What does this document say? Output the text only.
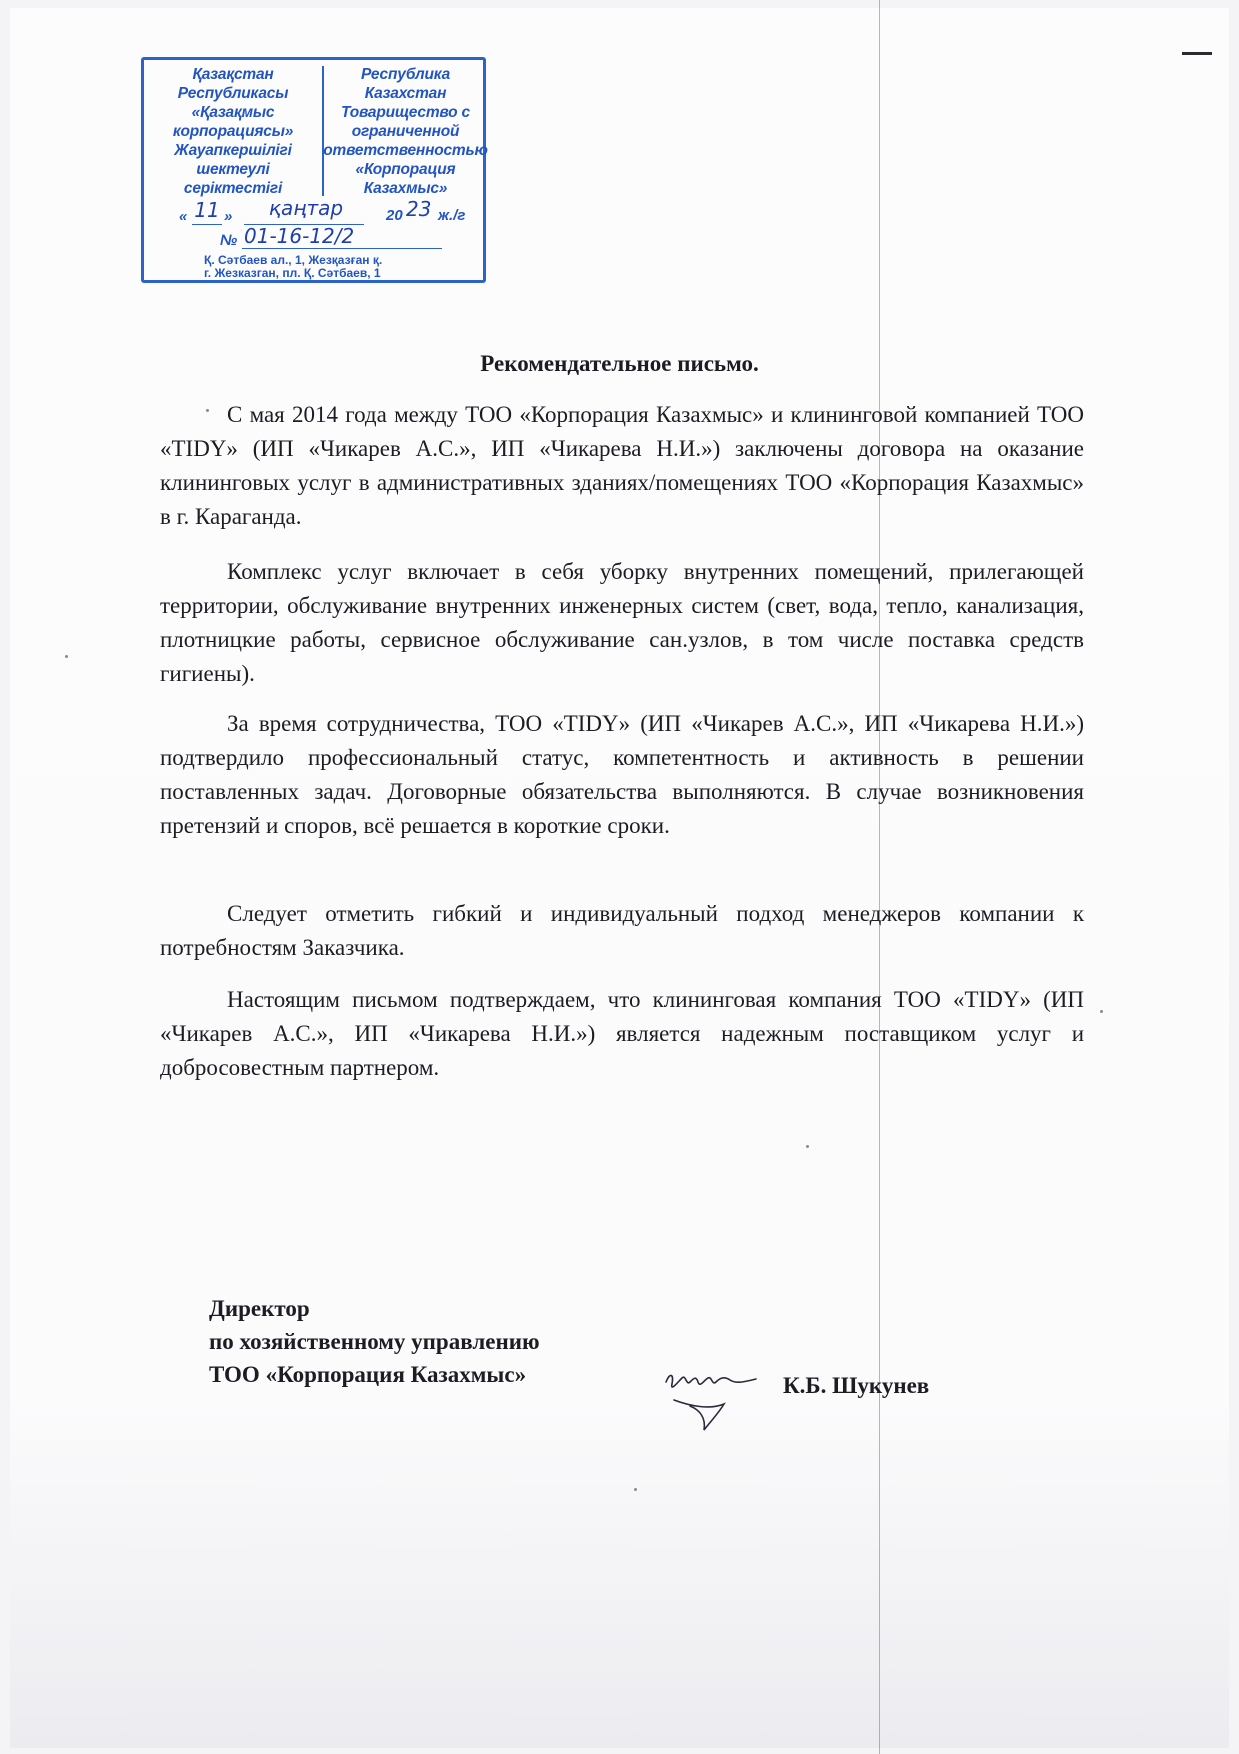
Қазақстан
Республикасы
«Қазақмыс
корпорациясы»
Жауапкершілігі
шектеулі
серіктестігі
Республика
Казахстан
Товарищество с
ограниченной
ответственностью
«Корпорация
Казахмыс»
« 11 »	қаңтар	20 23 ж./г
№ 01-16-12/2
Қ. Сәтбаев ал., 1, Жезқазған қ.
г. Жезказган, пл. Қ. Сәтбаев, 1
Рекомендательное письмо.

С мая 2014 года между ТОО «Корпорация Казахмыс» и клининговой компанией ТОО «TIDY» (ИП «Чикарев А.С.», ИП «Чикарева Н.И.») заключены договора на оказание клининговых услуг в административных зданиях/помещениях ТОО «Корпорация Казахмыс» в г. Караганда.

Комплекс услуг включает в себя уборку внутренних помещений, прилегающей территории, обслуживание внутренних инженерных систем (свет, вода, тепло, канализация, плотницкие работы, сервисное обслуживание сан.узлов, в том числе поставка средств гигиены).

За время сотрудничества, ТОО «TIDY» (ИП «Чикарев А.С.», ИП «Чикарева Н.И.») подтвердило профессиональный статус, компетентность и активность в решении поставленных задач. Договорные обязательства выполняются. В случае возникновения претензий и споров, всё решается в короткие сроки.

Следует отметить гибкий и индивидуальный подход менеджеров компании к потребностям Заказчика.

Настоящим письмом подтверждаем, что клининговая компания ТОО «TIDY» (ИП «Чикарев А.С.», ИП «Чикарева Н.И.») является надежным поставщиком услуг и добросовестным партнером.

Директор
по хозяйственному управлению
ТОО «Корпорация Казахмыс»	К.Б. Шукунев
